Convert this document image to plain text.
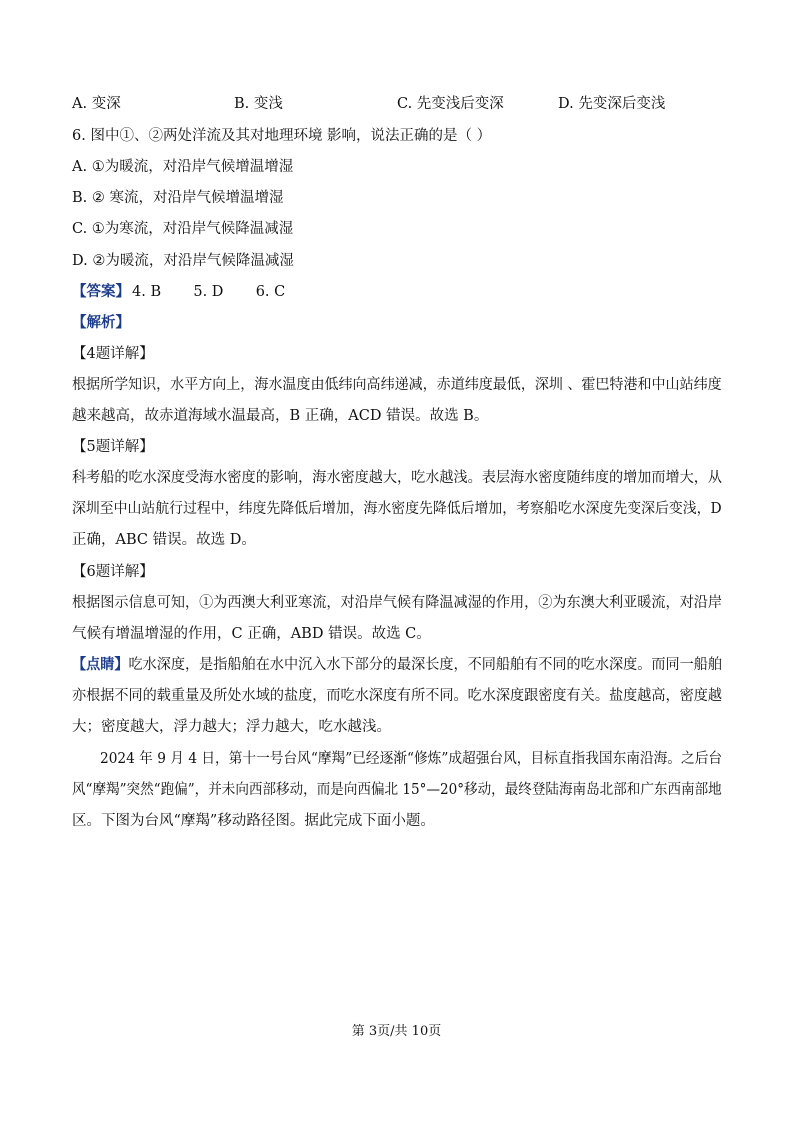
A. 变深	B. 变浅	C. 先变浅后变深	D. 先变深后变浅
6. 图中①、②两处洋流及其对地理环境 影响，说法正确的是（ ）
A. ①为暖流，对沿岸气候增温增湿
B. ② 寒流，对沿岸气候增温增湿
C. ①为寒流，对沿岸气候降温减湿
D. ②为暖流，对沿岸气候降温减湿
【答案】 4. B       5. D       6. C
【解析】
【4题详解】
根据所学知识，水平方向上，海水温度由低纬向高纬递减，赤道纬度最低，深圳 、霍巴特港和中山站纬度
越来越高，故赤道海域水温最高，B 正确，ACD 错误。故选 B。
【5题详解】
科考船的吃水深度受海水密度的影响，海水密度越大，吃水越浅。表层海水密度随纬度的增加而增大，从
深圳至中山站航行过程中，纬度先降低后增加，海水密度先降低后增加，考察船吃水深度先变深后变浅，D
正确，ABC 错误。故选 D。
【6题详解】
根据图示信息可知，①为西澳大利亚寒流，对沿岸气候有降温减湿的作用，②为东澳大利亚暖流，对沿岸
气候有增温增湿的作用，C 正确，ABD 错误。故选 C。
【点睛】吃水深度，是指船舶在水中沉入水下部分的最深长度，不同船舶有不同的吃水深度。而同一船舶
亦根据不同的载重量及所处水域的盐度，而吃水深度有所不同。吃水深度跟密度有关。盐度越高，密度越
大；密度越大，浮力越大；浮力越大，吃水越浅。
2024 年 9 月 4 日，第十一号台风“摩羯”已经逐渐“修炼”成超强台风，目标直指我国东南沿海。之后台
风“摩羯”突然“跑偏”，并未向西部移动，而是向西偏北 15°—20°移动，最终登陆海南岛北部和广东西南部地
区。下图为台风“摩羯”移动路径图。据此完成下面小题。
第 3页/共 10页
